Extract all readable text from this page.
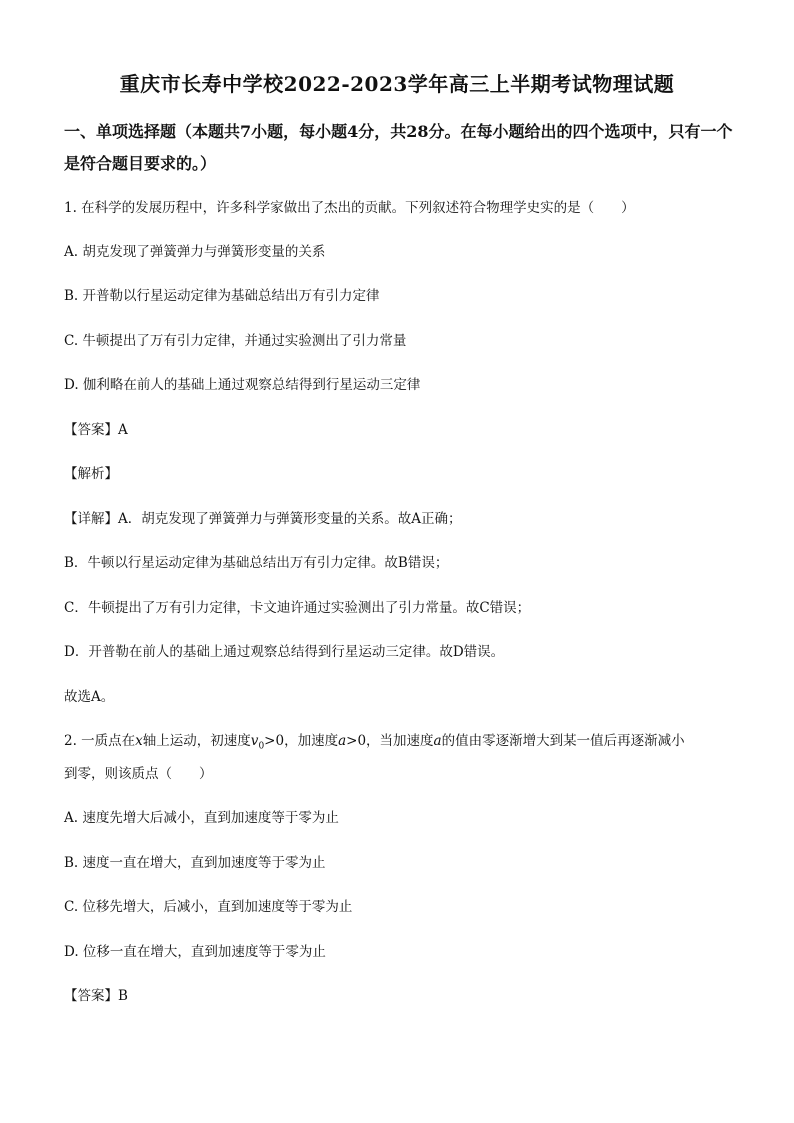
重庆市长寿中学校2022-2023学年高三上半期考试物理试题
一、单项选择题（本题共7小题，每小题4分，共28分。在每小题给出的四个选项中，只有一个是符合题目要求的。）
1. 在科学的发展历程中，许多科学家做出了杰出的贡献。下列叙述符合物理学史实的是（　　）
A. 胡克发现了弹簧弹力与弹簧形变量的关系
B. 开普勒以行星运动定律为基础总结出万有引力定律
C. 牛顿提出了万有引力定律，并通过实验测出了引力常量
D. 伽利略在前人的基础上通过观察总结得到行星运动三定律
【答案】A
【解析】
【详解】A．胡克发现了弹簧弹力与弹簧形变量的关系。故A正确；
B．牛顿以行星运动定律为基础总结出万有引力定律。故B错误；
C．牛顿提出了万有引力定律，卡文迪许通过实验测出了引力常量。故C错误；
D．开普勒在前人的基础上通过观察总结得到行星运动三定律。故D错误。
故选A。
2. 一质点在x轴上运动，初速度$v_0>0$，加速度a>0，当加速度a的值由零逐渐增大到某一值后再逐渐减小
到零，则该质点（　　）
A. 速度先增大后减小，直到加速度等于零为止
B. 速度一直在增大，直到加速度等于零为止
C. 位移先增大，后减小，直到加速度等于零为止
D. 位移一直在增大，直到加速度等于零为止
【答案】B
